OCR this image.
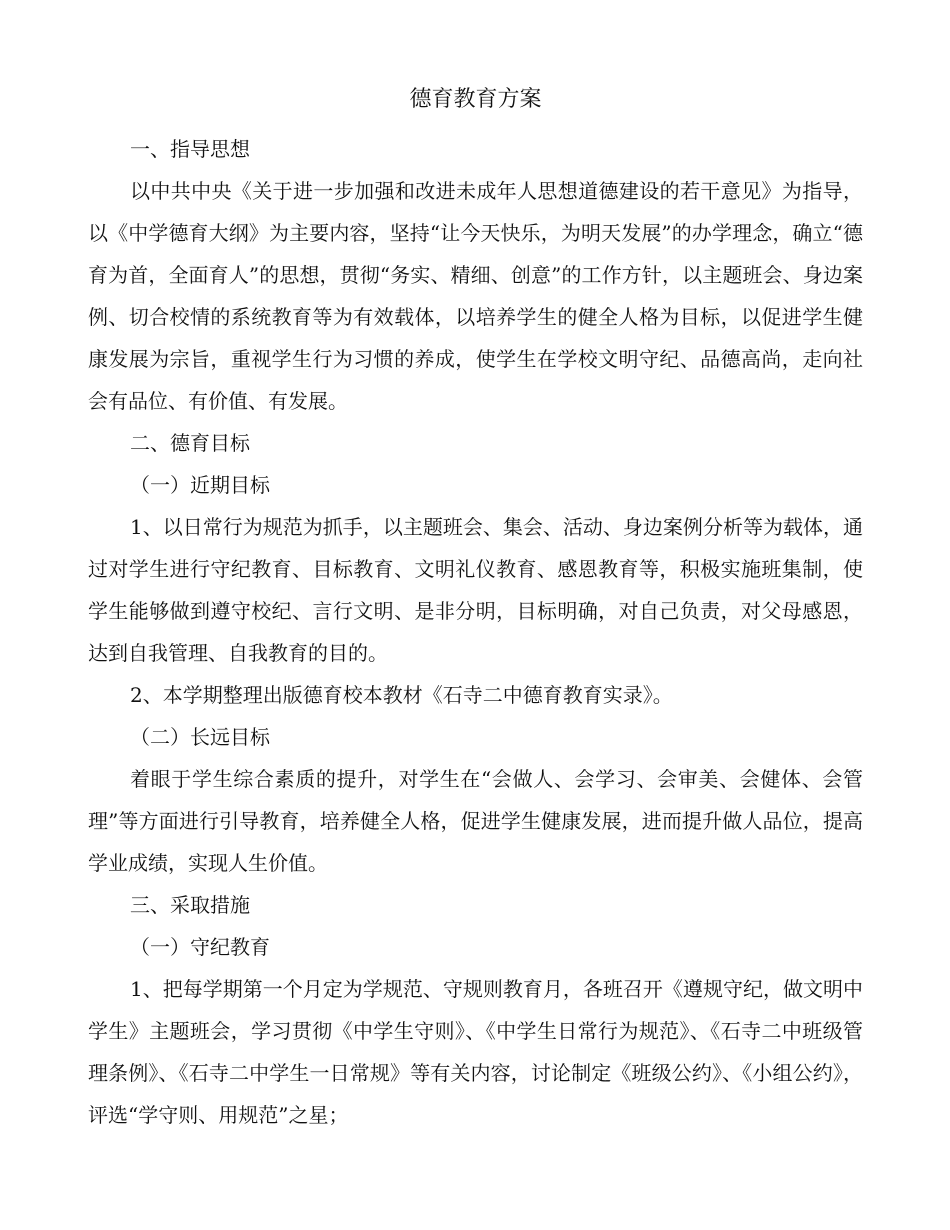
德育教育方案

一、指导思想

以中共中央《关于进一步加强和改进未成年人思想道德建设的若干意见》为指导，以《中学德育大纲》为主要内容，坚持“让今天快乐，为明天发展”的办学理念，确立“德育为首，全面育人”的思想，贯彻“务实、精细、创意”的工作方针，以主题班会、身边案例、切合校情的系统教育等为有效载体，以培养学生的健全人格为目标，以促进学生健康发展为宗旨，重视学生行为习惯的养成，使学生在学校文明守纪、品德高尚，走向社会有品位、有价值、有发展。

二、德育目标

（一）近期目标

1、以日常行为规范为抓手，以主题班会、集会、活动、身边案例分析等为载体，通过对学生进行守纪教育、目标教育、文明礼仪教育、感恩教育等，积极实施班集制，使学生能够做到遵守校纪、言行文明、是非分明，目标明确，对自己负责，对父母感恩，达到自我管理、自我教育的目的。

2、本学期整理出版德育校本教材《石寺二中德育教育实录》。

（二）长远目标

着眼于学生综合素质的提升，对学生在“会做人、会学习、会审美、会健体、会管理”等方面进行引导教育，培养健全人格，促进学生健康发展，进而提升做人品位，提高学业成绩，实现人生价值。

三、采取措施

（一）守纪教育

1、把每学期第一个月定为学规范、守规则教育月，各班召开《遵规守纪，做文明中学生》主题班会，学习贯彻《中学生守则》、《中学生日常行为规范》、《石寺二中班级管理条例》、《石寺二中学生一日常规》等有关内容，讨论制定《班级公约》、《小组公约》，评选“学守则、用规范”之星；
